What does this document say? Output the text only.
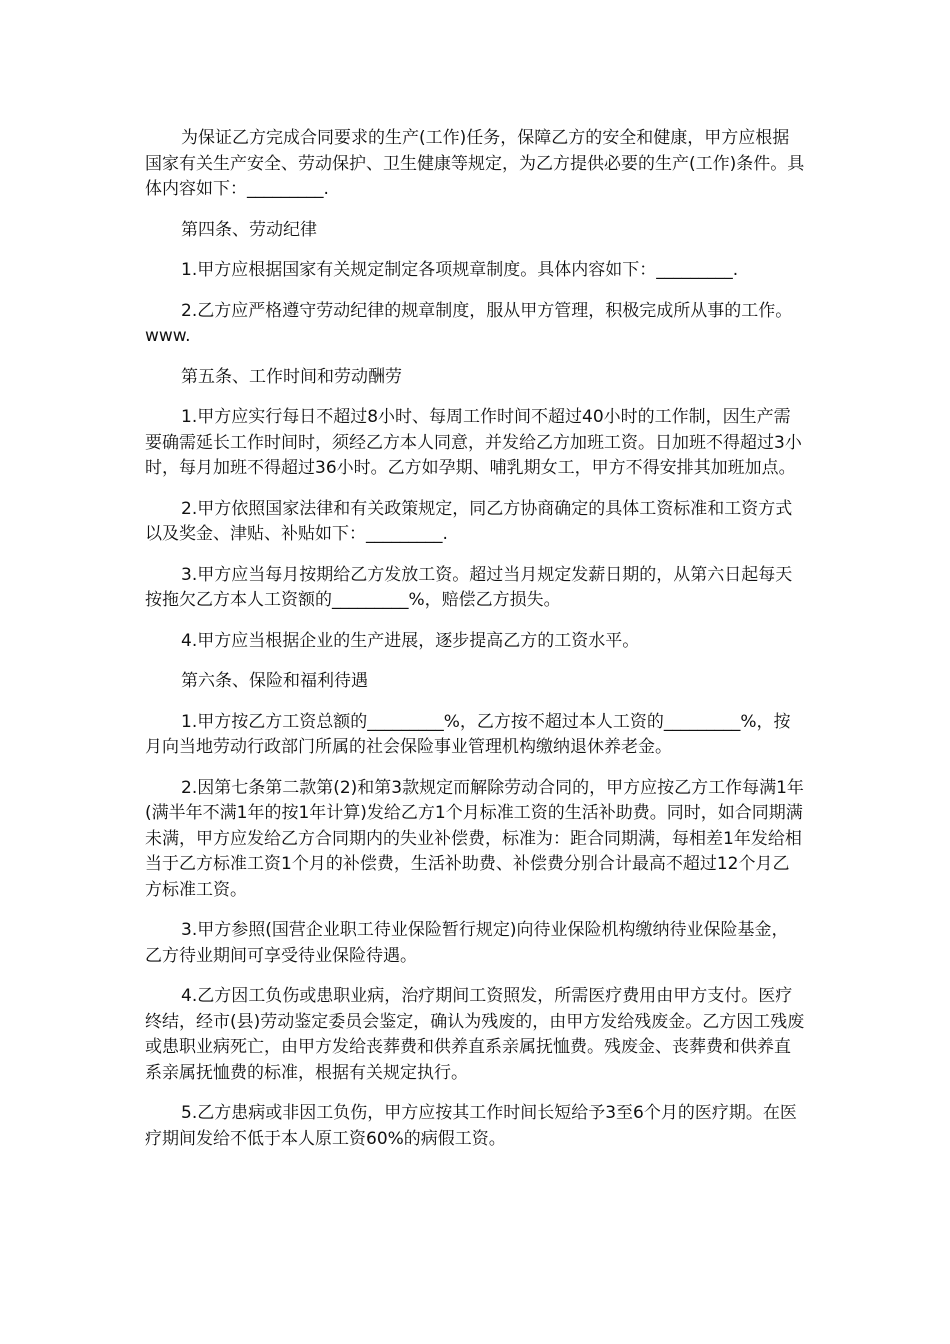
为保证乙方完成合同要求的生产(工作)任务，保障乙方的安全和健康，甲方应根据国家有关生产安全、劳动保护、卫生健康等规定，为乙方提供必要的生产(工作)条件。具体内容如下：_________.

第四条、劳动纪律

1.甲方应根据国家有关规定制定各项规章制度。具体内容如下：_________.

2.乙方应严格遵守劳动纪律的规章制度，服从甲方管理，积极完成所从事的工作。www.

第五条、工作时间和劳动酬劳

1.甲方应实行每日不超过8小时、每周工作时间不超过40小时的工作制，因生产需要确需延长工作时间时，须经乙方本人同意，并发给乙方加班工资。日加班不得超过3小时，每月加班不得超过36小时。乙方如孕期、哺乳期女工，甲方不得安排其加班加点。

2.甲方依照国家法律和有关政策规定，同乙方协商确定的具体工资标准和工资方式以及奖金、津贴、补贴如下：_________.

3.甲方应当每月按期给乙方发放工资。超过当月规定发薪日期的，从第六日起每天按拖欠乙方本人工资额的_________%，赔偿乙方损失。

4.甲方应当根据企业的生产进展，逐步提高乙方的工资水平。

第六条、保险和福利待遇

1.甲方按乙方工资总额的_________%，乙方按不超过本人工资的_________%，按月向当地劳动行政部门所属的社会保险事业管理机构缴纳退休养老金。

2.因第七条第二款第(2)和第3款规定而解除劳动合同的，甲方应按乙方工作每满1年(满半年不满1年的按1年计算)发给乙方1个月标准工资的生活补助费。同时，如合同期满未满，甲方应发给乙方合同期内的失业补偿费，标准为：距合同期满，每相差1年发给相当于乙方标准工资1个月的补偿费，生活补助费、补偿费分别合计最高不超过12个月乙方标准工资。

3.甲方参照(国营企业职工待业保险暂行规定)向待业保险机构缴纳待业保险基金，乙方待业期间可享受待业保险待遇。

4.乙方因工负伤或患职业病，治疗期间工资照发，所需医疗费用由甲方支付。医疗终结，经市(县)劳动鉴定委员会鉴定，确认为残废的，由甲方发给残废金。乙方因工残废或患职业病死亡，由甲方发给丧葬费和供养直系亲属抚恤费。残废金、丧葬费和供养直系亲属抚恤费的标准，根据有关规定执行。

5.乙方患病或非因工负伤，甲方应按其工作时间长短给予3至6个月的医疗期。在医疗期间发给不低于本人原工资60%的病假工资。
